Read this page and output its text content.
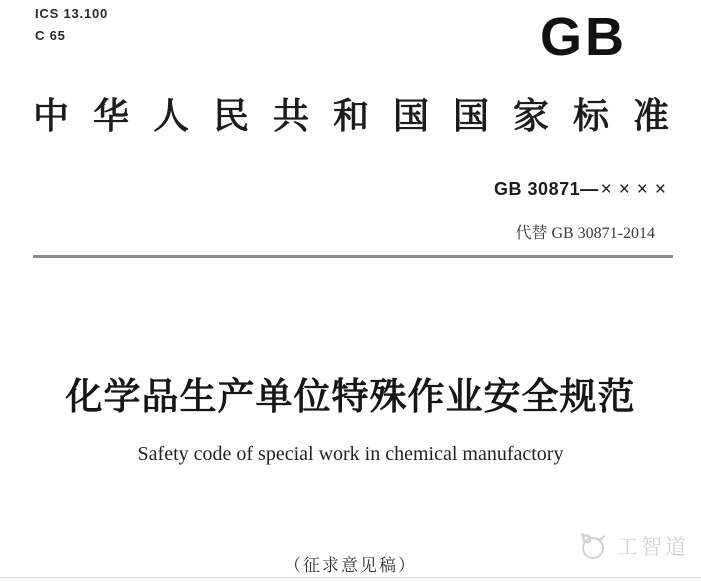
ICS 13.100
C 65	GB
中华人民共和国国家标准
GB 30871— ××××
代替 GB 30871-2014
化学品生产单位特殊作业安全规范
Safety code of special work in chemical manufactory
（征求意见稿）
工智道
